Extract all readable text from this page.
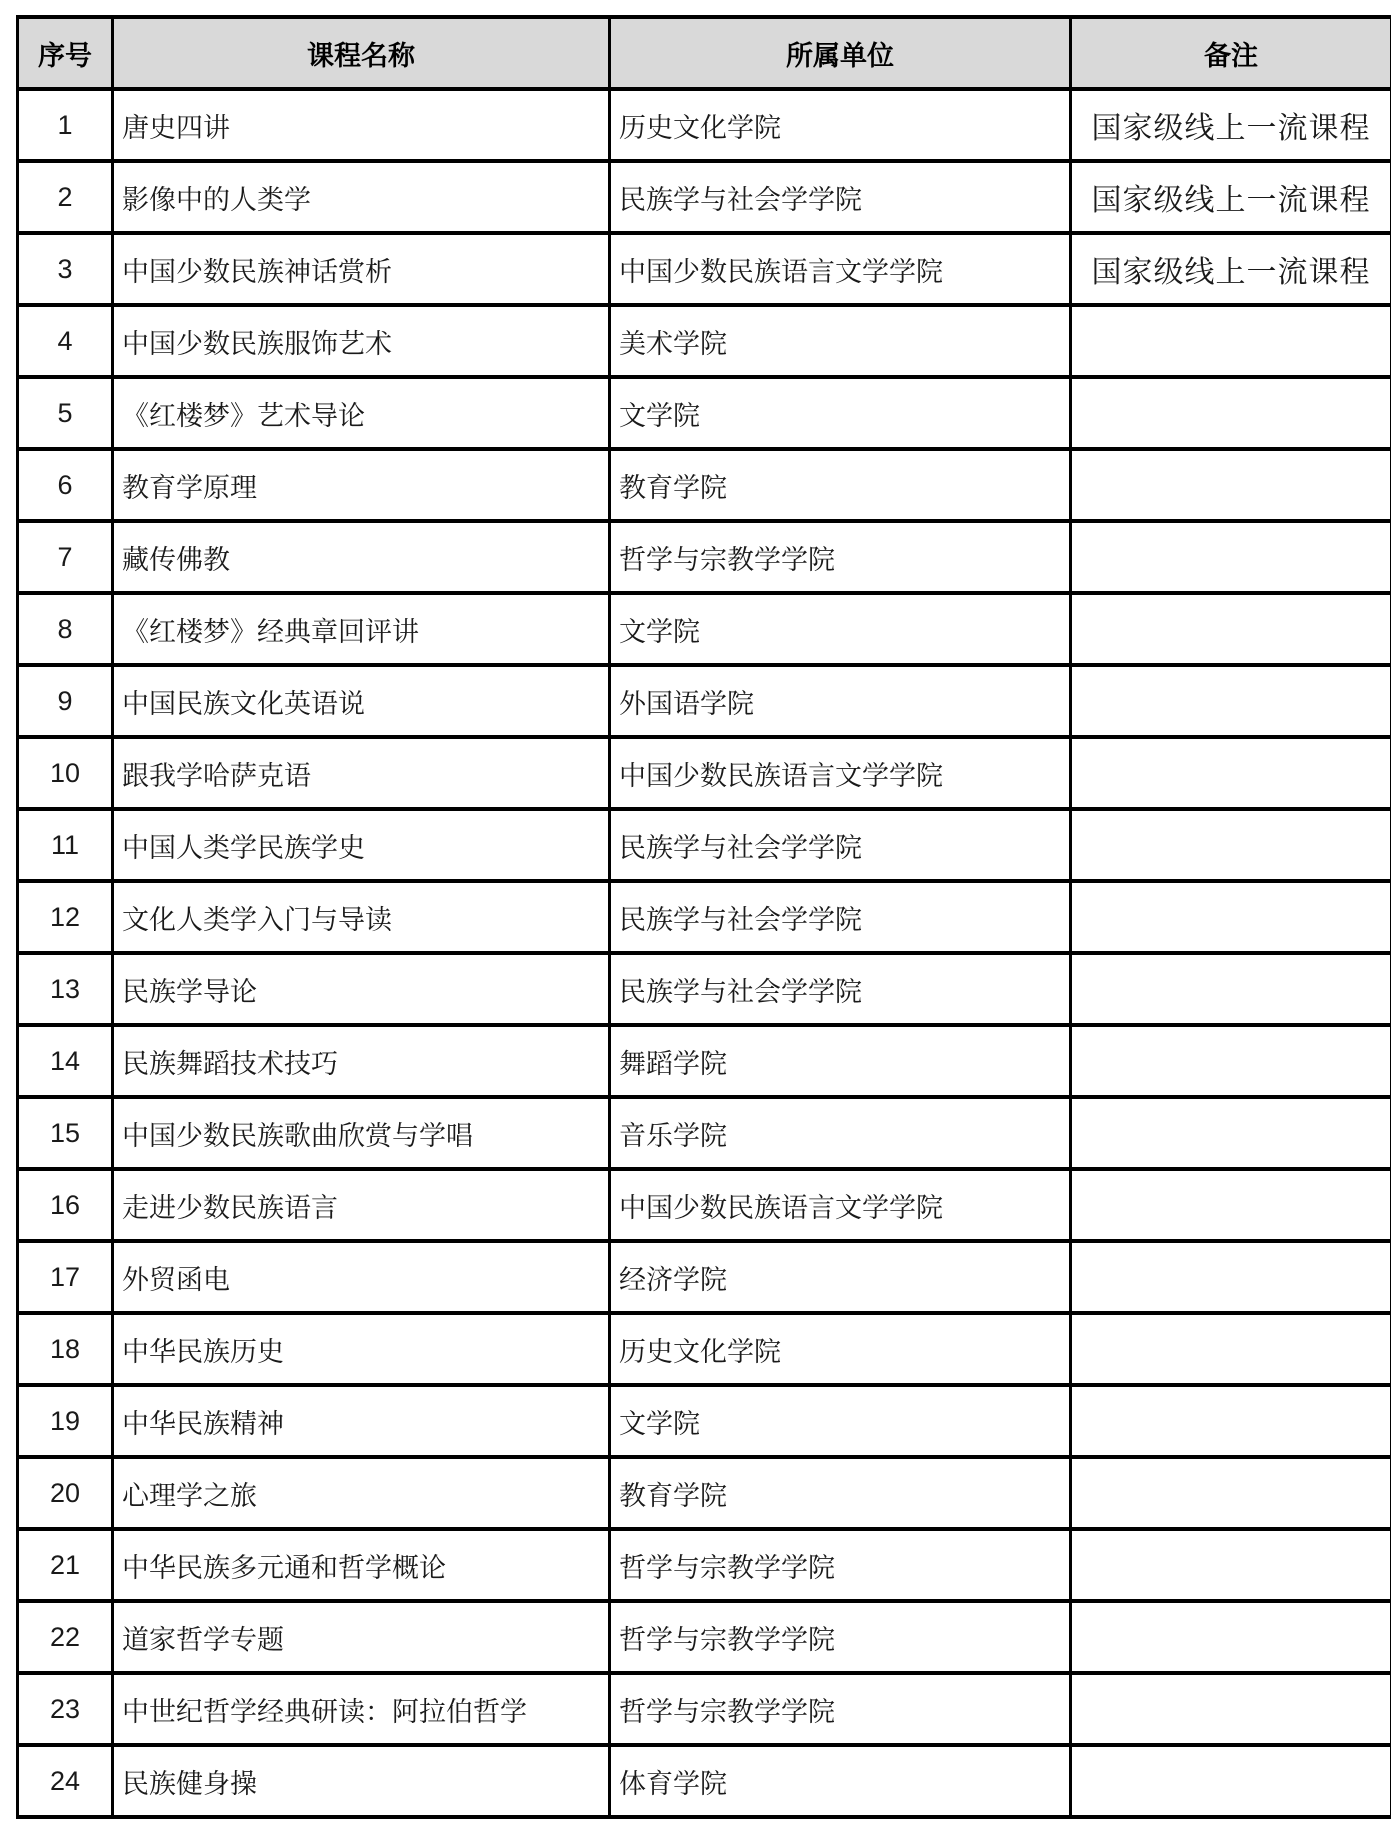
序号	课程名称	所属单位	备注
1	唐史四讲	历史文化学院	国家级线上一流课程
2	影像中的人类学	民族学与社会学学院	国家级线上一流课程
3	中国少数民族神话赏析	中国少数民族语言文学学院	国家级线上一流课程
4	中国少数民族服饰艺术	美术学院	
5	《红楼梦》艺术导论	文学院	
6	教育学原理	教育学院	
7	藏传佛教	哲学与宗教学学院	
8	《红楼梦》经典章回评讲	文学院	
9	中国民族文化英语说	外国语学院	
10	跟我学哈萨克语	中国少数民族语言文学学院	
11	中国人类学民族学史	民族学与社会学学院	
12	文化人类学入门与导读	民族学与社会学学院	
13	民族学导论	民族学与社会学学院	
14	民族舞蹈技术技巧	舞蹈学院	
15	中国少数民族歌曲欣赏与学唱	音乐学院	
16	走进少数民族语言	中国少数民族语言文学学院	
17	外贸函电	经济学院	
18	中华民族历史	历史文化学院	
19	中华民族精神	文学院	
20	心理学之旅	教育学院	
21	中华民族多元通和哲学概论	哲学与宗教学学院	
22	道家哲学专题	哲学与宗教学学院	
23	中世纪哲学经典研读：阿拉伯哲学	哲学与宗教学学院	
24	民族健身操	体育学院	
